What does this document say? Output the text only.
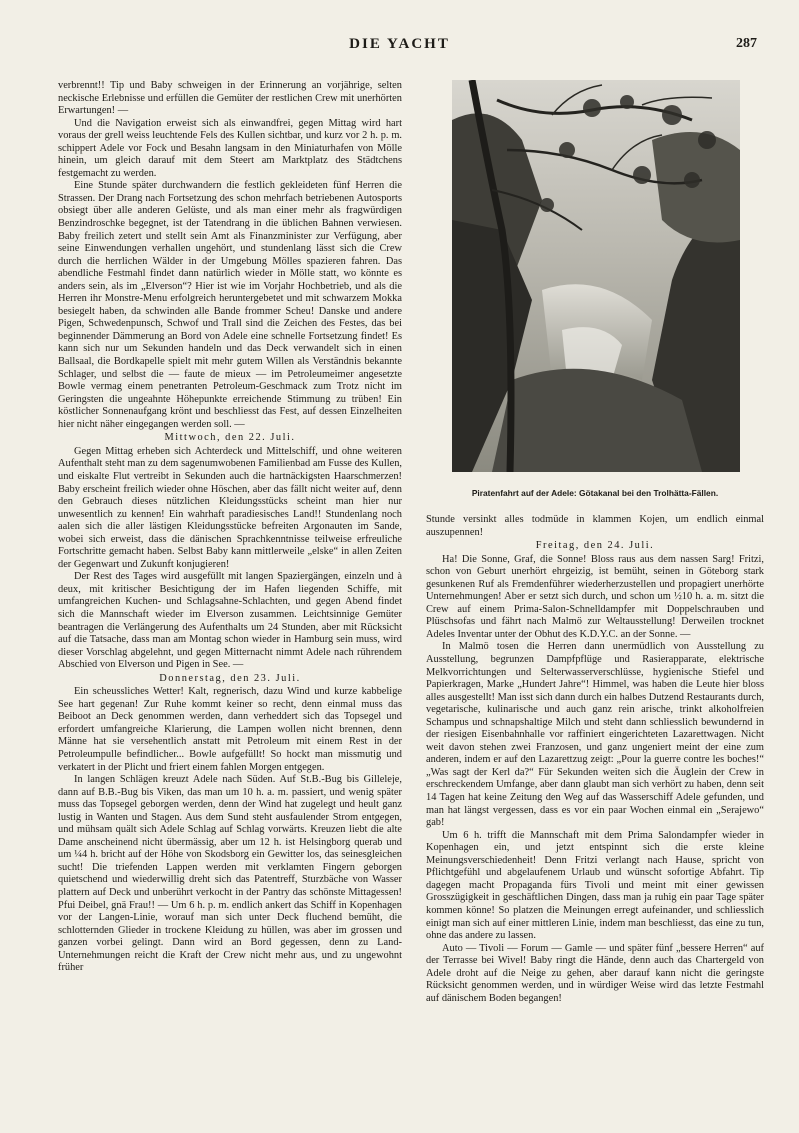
DIE YACHT	287

verbrennt!! Tip und Baby schweigen in der Erinnerung an vorjährige, selten neckische Erlebnisse und erfüllen die Gemüter der restlichen Crew mit unerhörten Erwartungen! —

Und die Navigation erweist sich als einwandfrei, gegen Mittag wird hart voraus der grell weiss leuchtende Fels des Kullen sichtbar, und kurz vor 2 h. p. m. schippert Adele vor Fock und Besahn langsam in den Miniaturhafen von Mölle hinein, um gleich darauf mit dem Steert am Marktplatz des Städtchens festgemacht zu werden.

Eine Stunde später durchwandern die festlich gekleideten fünf Herren die Strassen. Der Drang nach Fortsetzung des schon mehrfach betriebenen Autosports obsiegt über alle anderen Gelüste, und als man einer mehr als fragwürdigen Benzindroschke begegnet, ist der Tatendrang in die üblichen Bahnen verwiesen. Baby freilich zetert und stellt sein Amt als Finanzminister zur Verfügung, aber seine Einwendungen verhallen ungehört, und stundenlang lässt sich die Crew durch die herrlichen Wälder in der Umgebung Mölles spazieren fahren. Das abendliche Festmahl findet dann natürlich wieder in Mölle statt, wo könnte es anders sein, als im „Elverson“? Hier ist wie im Vorjahr Hochbetrieb, und als die Herren ihr Monstre-Menu erfolgreich heruntergebetet und mit schwarzem Mokka besiegelt haben, da schwinden alle Bande frommer Scheu! Danske und andere Pigen, Schwedenpunsch, Schwof und Trall sind die Zeichen des Festes, das bei beginnender Dämmerung an Bord von Adele eine schnelle Fortsetzung findet! Es kann sich nur um Sekunden handeln und das Deck verwandelt sich in einen Ballsaal, die Bordkapelle spielt mit mehr gutem Willen als Verständnis bekannte Schlager, und selbst die — faute de mieux — im Petroleumeimer angesetzte Bowle vermag einem penetranten Petroleum-Geschmack zum Trotz nicht im Geringsten die ungeahnte Höhepunkte erreichende Stimmung zu trüben! Ein köstlicher Sonnenaufgang krönt und beschliesst das Fest, auf dessen Einzelheiten hier nicht näher eingegangen werden soll. —

Mittwoch, den 22. Juli.

Gegen Mittag erheben sich Achterdeck und Mittelschiff, und ohne weiteren Aufenthalt steht man zu dem sagenumwobenen Familienbad am Fusse des Kullen, und eiskalte Flut vertreibt in Sekunden auch die hartnäckigsten Haarschmerzen! Baby erscheint freilich wieder ohne Höschen, aber das fällt nicht weiter auf, denn den Gebrauch dieses nützlichen Kleidungsstücks scheint man hier nur unwesentlich zu kennen! Ein wahrhaft paradiesisches Land!! Stundenlang noch aalen sich die aller lästigen Kleidungsstücke befreiten Argonauten im Sande, wobei sich erweist, dass die dänischen Sprachkenntnisse teilweise erfreuliche Fortschritte gemacht haben. Selbst Baby kann mittlerweile „elske“ in allen Zeiten der Gegenwart und Zukunft konjugieren!

Der Rest des Tages wird ausgefüllt mit langen Spaziergängen, einzeln und à deux, mit kritischer Besichtigung der im Hafen liegenden Schiffe, mit umfangreichen Kuchen- und Schlagsahne-Schlachten, und gegen Abend findet sich die Mannschaft wieder im Elverson zusammen. Leichtsinnige Gemüter beantragen die Verlängerung des Aufenthalts um 24 Stunden, aber mit Rücksicht auf die Tatsache, dass man am Montag schon wieder in Hamburg sein muss, wird dieser Vorschlag abgelehnt, und gegen Mitternacht nimmt Adele nach rührendem Abschied von Elverson und Pigen in See. —

Donnerstag, den 23. Juli.

Ein scheussliches Wetter! Kalt, regnerisch, dazu Wind und kurze kabbelige See hart gegenan! Zur Ruhe kommt keiner so recht, denn einmal muss das Beiboot an Deck genommen werden, dann verheddert sich das Topsegel und erfordert umfangreiche Klarierung, die Lampen wollen nicht brennen, denn Männe hat sie versehentlich anstatt mit Petroleum mit einem Rest in der Petroleumpulle befindlicher... Bowle aufgefüllt! So hockt man missmutig und verkatert in der Plicht und friert einem fahlen Morgen entgegen.

In langen Schlägen kreuzt Adele nach Süden. Auf St.B.-Bug bis Gilleleje, dann auf B.B.-Bug bis Viken, das man um 10 h. a. m. passiert, und wenig später muss das Topsegel geborgen werden, denn der Wind hat zugelegt und heult ganz lustig in Wanten und Stagen. Aus dem Sund steht ausfaulender Strom entgegen, und mühsam quält sich Adele Schlag auf Schlag vorwärts. Kreuzen liebt die alte Dame anscheinend nicht übermässig, aber um 12 h. ist Helsingborg querab und um ¼4 h. bricht auf der Höhe von Skodsborg ein Gewitter los, das seinesgleichen sucht! Die triefenden Lappen werden mit verklamten Fingern geborgen quietschend und wiederwillig dreht sich das Patentreff, Sturzbäche von Wasser plattern auf Deck und unberührt verkocht in der Pantry das schönste Mittagessen! Pfui Deibel, gnä Frau!! — Um 6 h. p. m. endlich ankert das Schiff in Kopenhagen vor der Langen-Linie, worauf man sich unter Deck fluchend bemüht, die schlotternden Glieder in trockene Kleidung zu hüllen, was aber im grossen und ganzen vorbei gelingt. Dann wird an Bord gegessen, denn zu Land-Unternehmungen reicht die Kraft der Crew nicht mehr aus, und zu ungewohnt früher

Piratenfahrt auf der Adele: Götakanal bei den Trolhätta-Fällen.

Stunde versinkt alles todmüde in klammen Kojen, um endlich einmal auszupennen!

Freitag, den 24. Juli.

Ha! Die Sonne, Graf, die Sonne! Bloss raus aus dem nassen Sarg! Fritzi, schon von Geburt unerhört ehrgeizig, ist bemüht, seinen in Göteborg stark gesunkenen Ruf als Fremdenführer wiederherzustellen und propagiert unerhörte Unternehmungen! Aber er setzt sich durch, und schon um ½10 h. a. m. sitzt die Crew auf einem Prima-Salon-Schnelldampfer mit Doppelschrauben und Plüschsofas und fährt nach Malmö zur Weltausstellung! Derweilen trocknet Adeles Inventar unter der Obhut des K.D.Y.C. an der Sonne. —

In Malmö tosen die Herren dann unermüdlich von Ausstellung zu Ausstellung, begrunzen Dampfpflüge und Rasierapparate, elektrische Melkvorrichtungen und Selterwasserverschlüsse, hygienische Stiefel und Papierkragen, Marke „Hundert Jahre“! Himmel, was haben die Leute hier bloss alles ausgestellt! Man isst sich dann durch ein halbes Dutzend Restaurants durch, vegetarische, kulinarische und auch ganz rein arische, trinkt alkoholfreien Schampus und schnapshaltige Milch und steht dann schliesslich bewundernd in der riesigen Eisenbahnhalle vor raffiniert eingerichteten Lazarettwagen. Nicht weit davon stehen zwei Franzosen, und ganz ungeniert meint der eine zum anderen, indem er auf den Lazarettzug zeigt: „Pour la guerre contre les boches!“ „Was sagt der Kerl da?“ Für Sekunden weiten sich die Äuglein der Crew in erschreckendem Umfange, aber dann glaubt man sich verhört zu haben, denn seit 14 Tagen hat keine Zeitung den Weg auf das Wasserschiff Adele gefunden, und man hat längst vergessen, dass es vor ein paar Wochen einmal ein „Serajewo“ gab!

Um 6 h. trifft die Mannschaft mit dem Prima Salondampfer wieder in Kopenhagen ein, und jetzt entspinnt sich die erste kleine Meinungsverschiedenheit! Denn Fritzi verlangt nach Hause, spricht von Pflichtgefühl und abgelaufenem Urlaub und wünscht sofortige Abfahrt. Tip dagegen macht Propaganda fürs Tivoli und meint mit einer gewissen Grosszügigkeit in geschäftlichen Dingen, dass man ja ruhig ein paar Tage später kommen könne! So platzen die Meinungen erregt aufeinander, und schliesslich einigt man sich auf einer mittleren Linie, indem man beschliesst, das eine zu tun, ohne das andere zu lassen.

Auto — Tivoli — Forum — Gamle — und später fünf „bessere Herren“ auf der Terrasse bei Wivel! Baby ringt die Hände, denn auch das Chartergeld von Adele droht auf die Neige zu gehen, aber darauf kann nicht die geringste Rücksicht genommen werden, und in würdiger Weise wird das letzte Festmahl auf dänischem Boden begangen!
